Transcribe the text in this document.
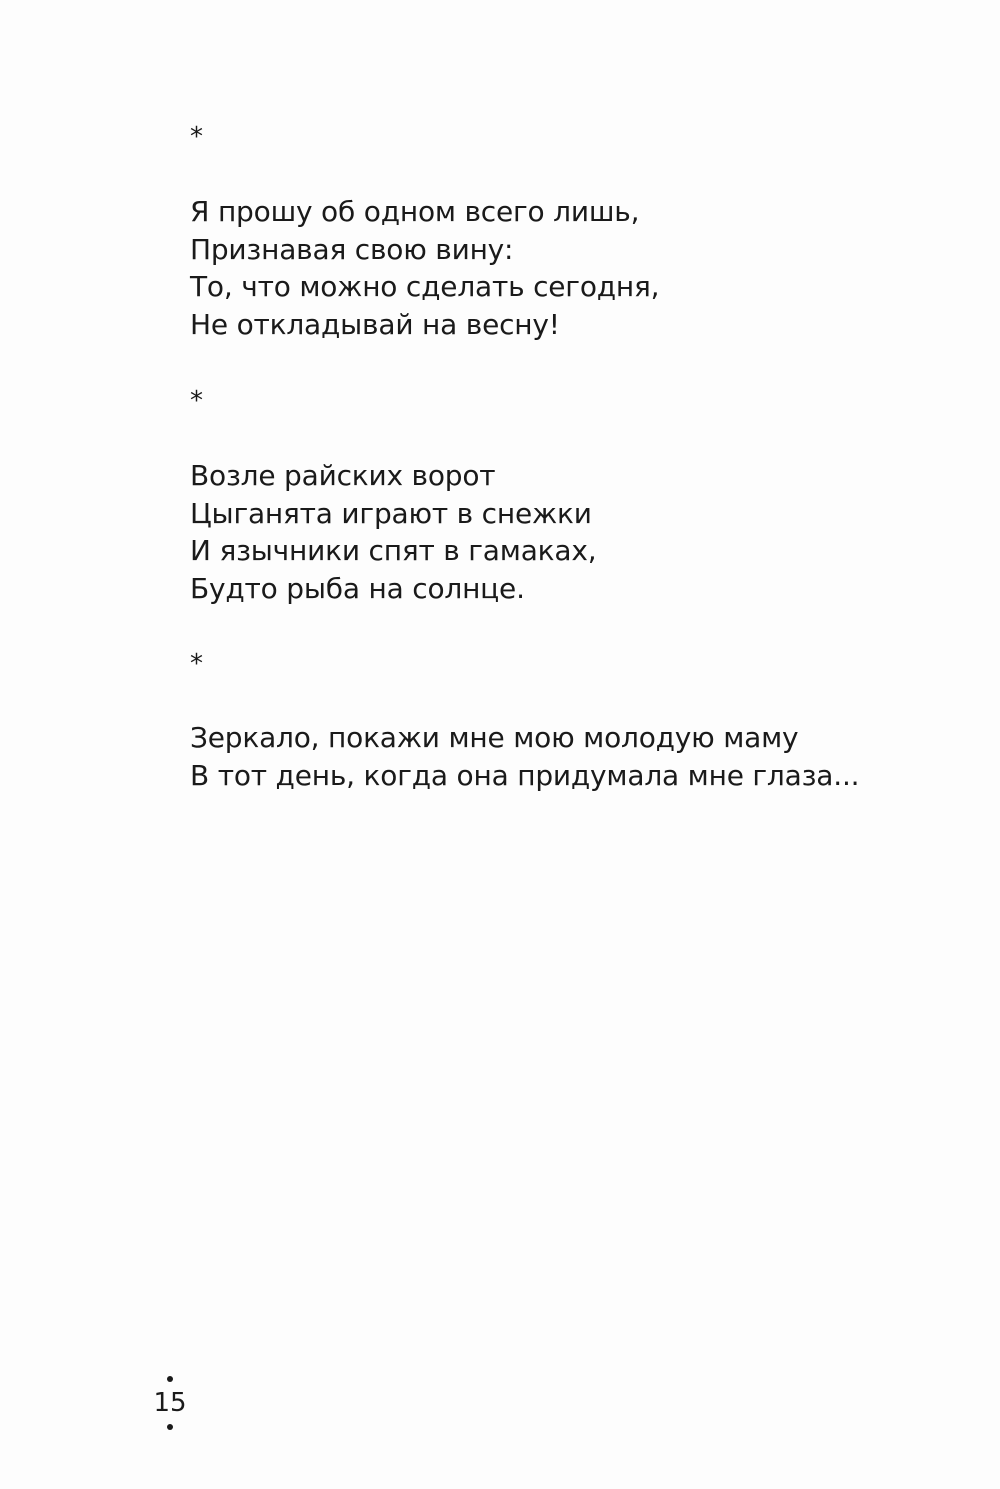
*
Я прошу об одном всего лишь,
Признавая свою вину:
То, что можно сделать сегодня,
Не откладывай на весну!
*
Возле райских ворот
Цыганята играют в снежки
И язычники спят в гамаках,
Будто рыба на солнце.
*
Зеркало, покажи мне мою молодую маму
В тот день, когда она придумала мне глаза...
15
